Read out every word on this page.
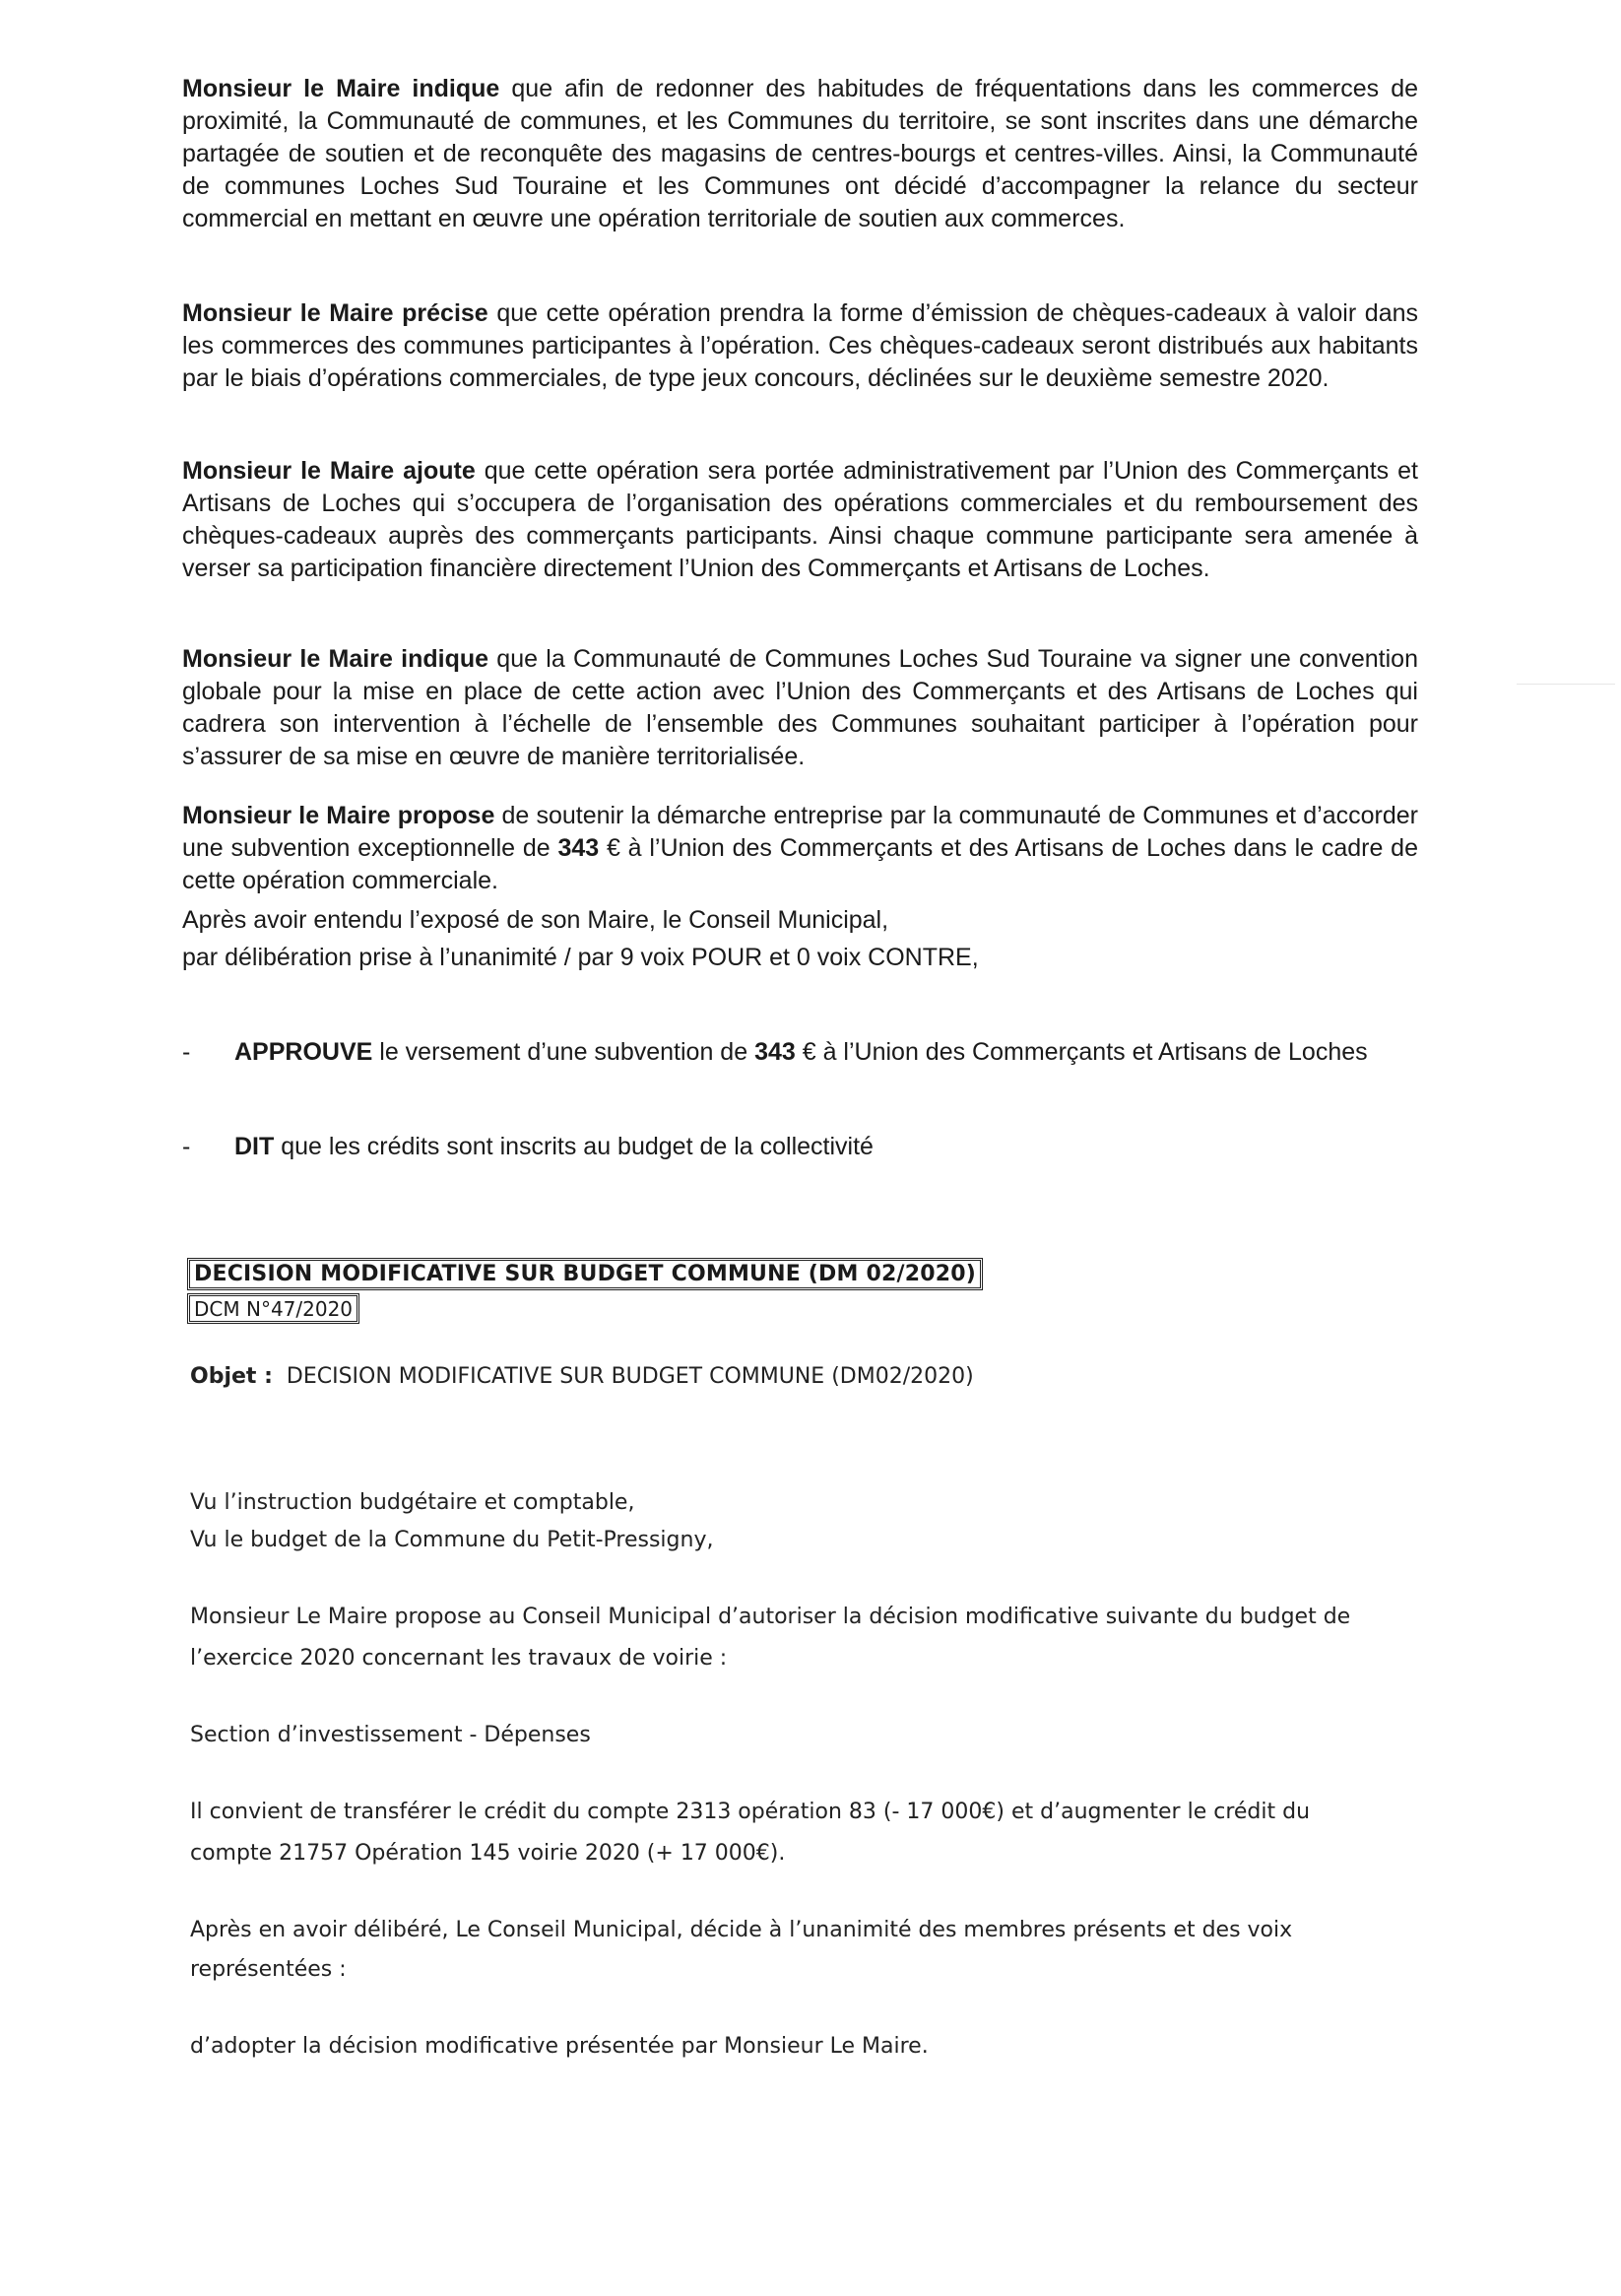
Monsieur le Maire indique que afin de redonner des habitudes de fréquentations dans les commerces de proximité, la Communauté de communes, et les Communes du territoire, se sont inscrites dans une démarche partagée de soutien et de reconquête des magasins de centres-bourgs et centres-villes. Ainsi, la Communauté de communes Loches Sud Touraine et les Communes ont décidé d’accompagner la relance du secteur commercial en mettant en œuvre une opération territoriale de soutien aux commerces.

Monsieur le Maire précise que cette opération prendra la forme d’émission de chèques-cadeaux à valoir dans les commerces des communes participantes à l’opération. Ces chèques-cadeaux seront distribués aux habitants par le biais d’opérations commerciales, de type jeux concours, déclinées sur le deuxième semestre 2020.

Monsieur le Maire ajoute que cette opération sera portée administrativement par l’Union des Commerçants et Artisans de Loches qui s’occupera de l’organisation des opérations commerciales et du remboursement des chèques-cadeaux auprès des commerçants participants. Ainsi chaque commune participante sera amenée à verser sa participation financière directement l’Union des Commerçants et Artisans de Loches.

Monsieur le Maire indique que la Communauté de Communes Loches Sud Touraine va signer une convention globale pour la mise en place de cette action avec l’Union des Commerçants et des Artisans de Loches qui cadrera son intervention à l’échelle de l’ensemble des Communes souhaitant participer à l’opération pour s’assurer de sa mise en œuvre de manière territorialisée.

Monsieur le Maire propose de soutenir la démarche entreprise par la communauté de Communes et d’accorder une subvention exceptionnelle de 343 € à l’Union des Commerçants et des Artisans de Loches dans le cadre de cette opération commerciale.

Après avoir entendu l’exposé de son Maire, le Conseil Municipal,

par délibération prise à l’unanimité / par 9 voix POUR et 0 voix CONTRE,

- APPROUVE le versement d’une subvention de 343 € à l’Union des Commerçants et Artisans de Loches
- DIT que les crédits sont inscrits au budget de la collectivité
DECISION MODIFICATIVE SUR BUDGET COMMUNE (DM 02/2020)
DCM N°47/2020
Objet : DECISION MODIFICATIVE SUR BUDGET COMMUNE (DM02/2020)
Vu l’instruction budgétaire et comptable,
Vu le budget de la Commune du Petit-Pressigny,
Monsieur Le Maire propose au Conseil Municipal d’autoriser la décision modificative suivante du budget de
l’exercice 2020 concernant les travaux de voirie :
Section d’investissement - Dépenses
Il convient de transférer le crédit du compte 2313 opération 83 (- 17 000€) et d’augmenter le crédit du
compte 21757 Opération 145 voirie 2020 (+ 17 000€).
Après en avoir délibéré, Le Conseil Municipal, décide à l’unanimité des membres présents et des voix
représentées :
d’adopter la décision modificative présentée par Monsieur Le Maire.
